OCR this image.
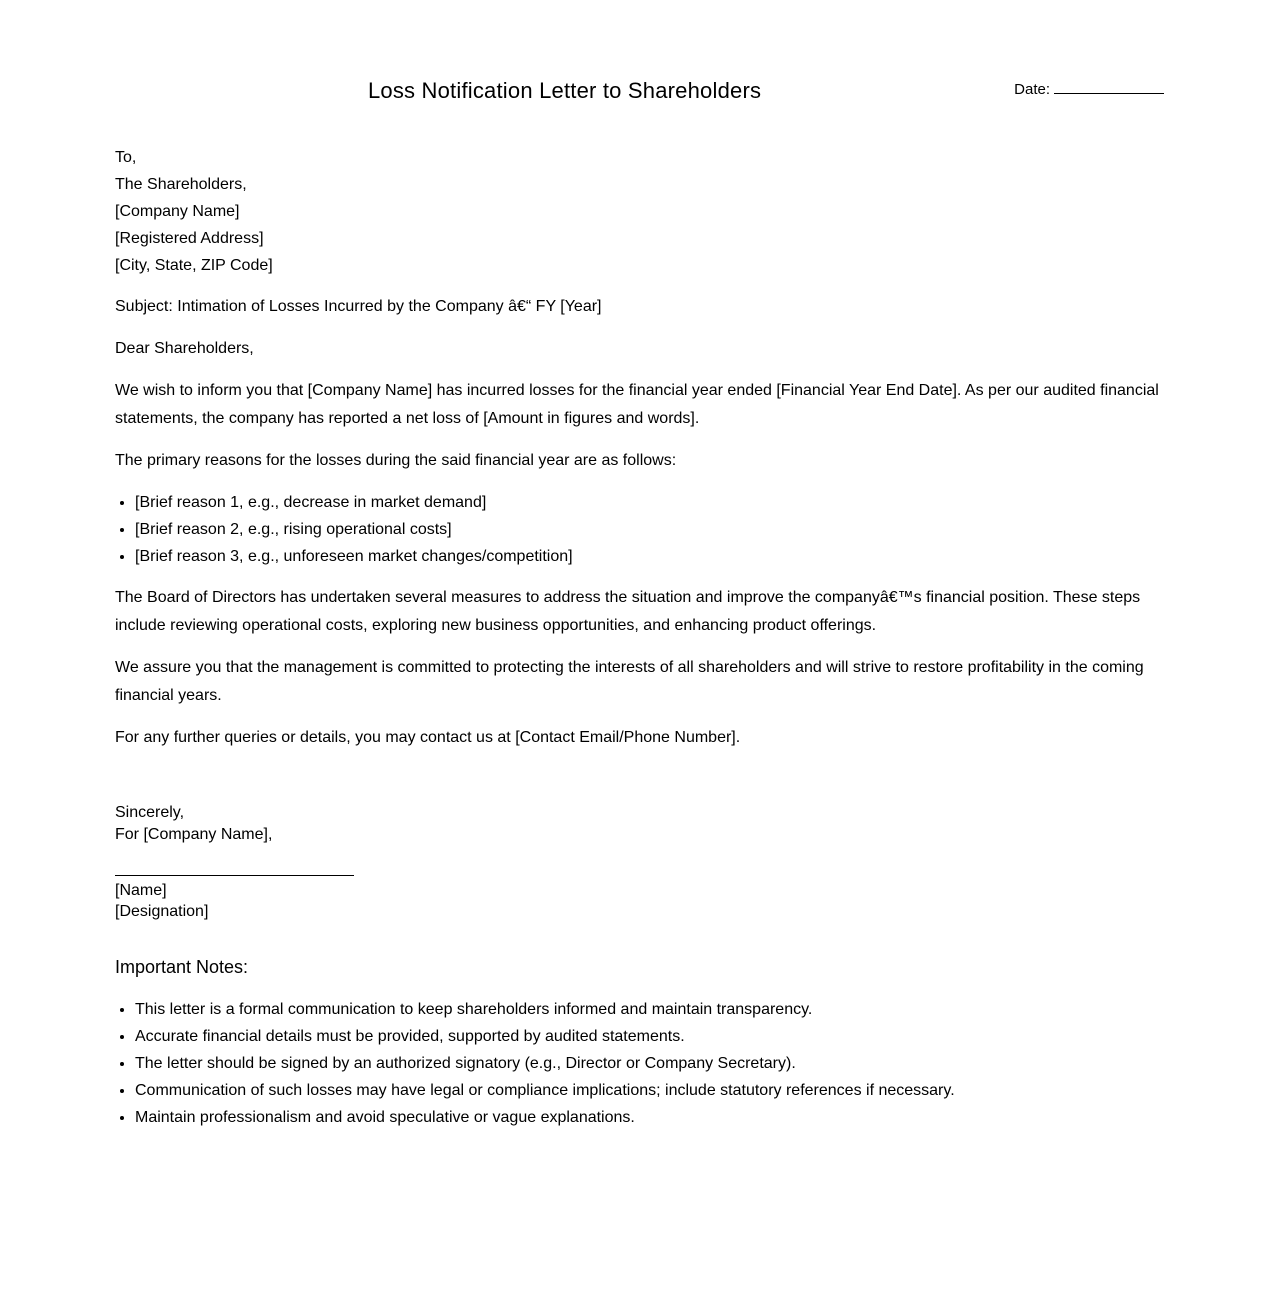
Loss Notification Letter to Shareholders	Date:

To,
The Shareholders,
[Company Name]
[Registered Address]
[City, State, ZIP Code]

Subject: Intimation of Losses Incurred by the Company â€“ FY [Year]

Dear Shareholders,

We wish to inform you that [Company Name] has incurred losses for the financial year ended [Financial Year End Date]. As per our audited financial statements, the company has reported a net loss of [Amount in figures and words].

The primary reasons for the losses during the said financial year are as follows:

• [Brief reason 1, e.g., decrease in market demand]
• [Brief reason 2, e.g., rising operational costs]
• [Brief reason 3, e.g., unforeseen market changes/competition]

The Board of Directors has undertaken several measures to address the situation and improve the companyâ€™s financial position. These steps include reviewing operational costs, exploring new business opportunities, and enhancing product offerings.

We assure you that the management is committed to protecting the interests of all shareholders and will strive to restore profitability in the coming financial years.

For any further queries or details, you may contact us at [Contact Email/Phone Number].

Sincerely,
For [Company Name],

[Name]
[Designation]

Important Notes:
• This letter is a formal communication to keep shareholders informed and maintain transparency.
• Accurate financial details must be provided, supported by audited statements.
• The letter should be signed by an authorized signatory (e.g., Director or Company Secretary).
• Communication of such losses may have legal or compliance implications; include statutory references if necessary.
• Maintain professionalism and avoid speculative or vague explanations.
